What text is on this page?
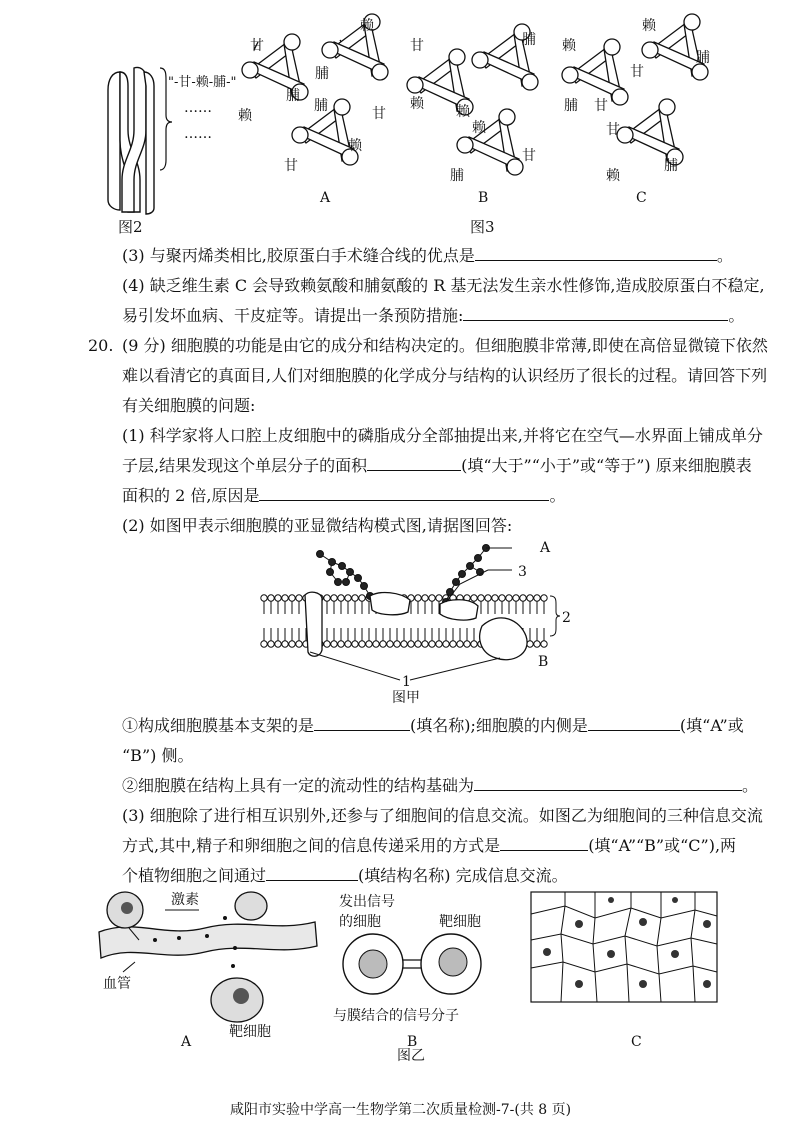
"-甘-赖-脯-"
……
……
图2
甘
赖
脯
赖
脯
甘
脯
赖
甘
A
甘
赖 赖
脯
赖
脯
甘
B
赖
脯 甘
赖
甘
脯
甘
赖
脯
C
图3
(3) 与聚丙烯类相比,胶原蛋白手术缝合线的优点是	。
(4) 缺乏维生素 C 会导致赖氨酸和脯氨酸的 R 基无法发生亲水性修饰,造成胶原蛋白不稳定,
易引发坏血病、干皮症等。请提出一条预防措施:	。
20. (9 分) 细胞膜的功能是由它的成分和结构决定的。但细胞膜非常薄,即使在高倍显微镜下依然
难以看清它的真面目,人们对细胞膜的化学成分与结构的认识经历了很长的过程。请回答下列
有关细胞膜的问题:
(1) 科学家将人口腔上皮细胞中的磷脂成分全部抽提出来,并将它在空气—水界面上铺成单分
子层,结果发现这个单层分子的面积	(填“大于”“小于”或“等于”) 原来细胞膜表
面积的 2 倍,原因是	。
(2) 如图甲表示细胞膜的亚显微结构模式图,请据图回答:
A
3
2
B
1
图甲
①构成细胞膜基本支架的是	(填名称);细胞膜的内侧是	(填“A”或
“B”) 侧。
②细胞膜在结构上具有一定的流动性的结构基础为	。
(3) 细胞除了进行相互识别外,还参与了细胞间的信息交流。如图乙为细胞间的三种信息交流
方式,其中,精子和卵细胞之间的信息传递采用的方式是	(填“A”“B”或“C”),两
个植物细胞之间通过	(填结构名称) 完成信息交流。
激素
血管
靶细胞
A
发出信号
的细胞	靶细胞
与膜结合的信号分子
B	C
图乙
咸阳市实验中学高一生物学第二次质量检测-7-(共 8 页)
